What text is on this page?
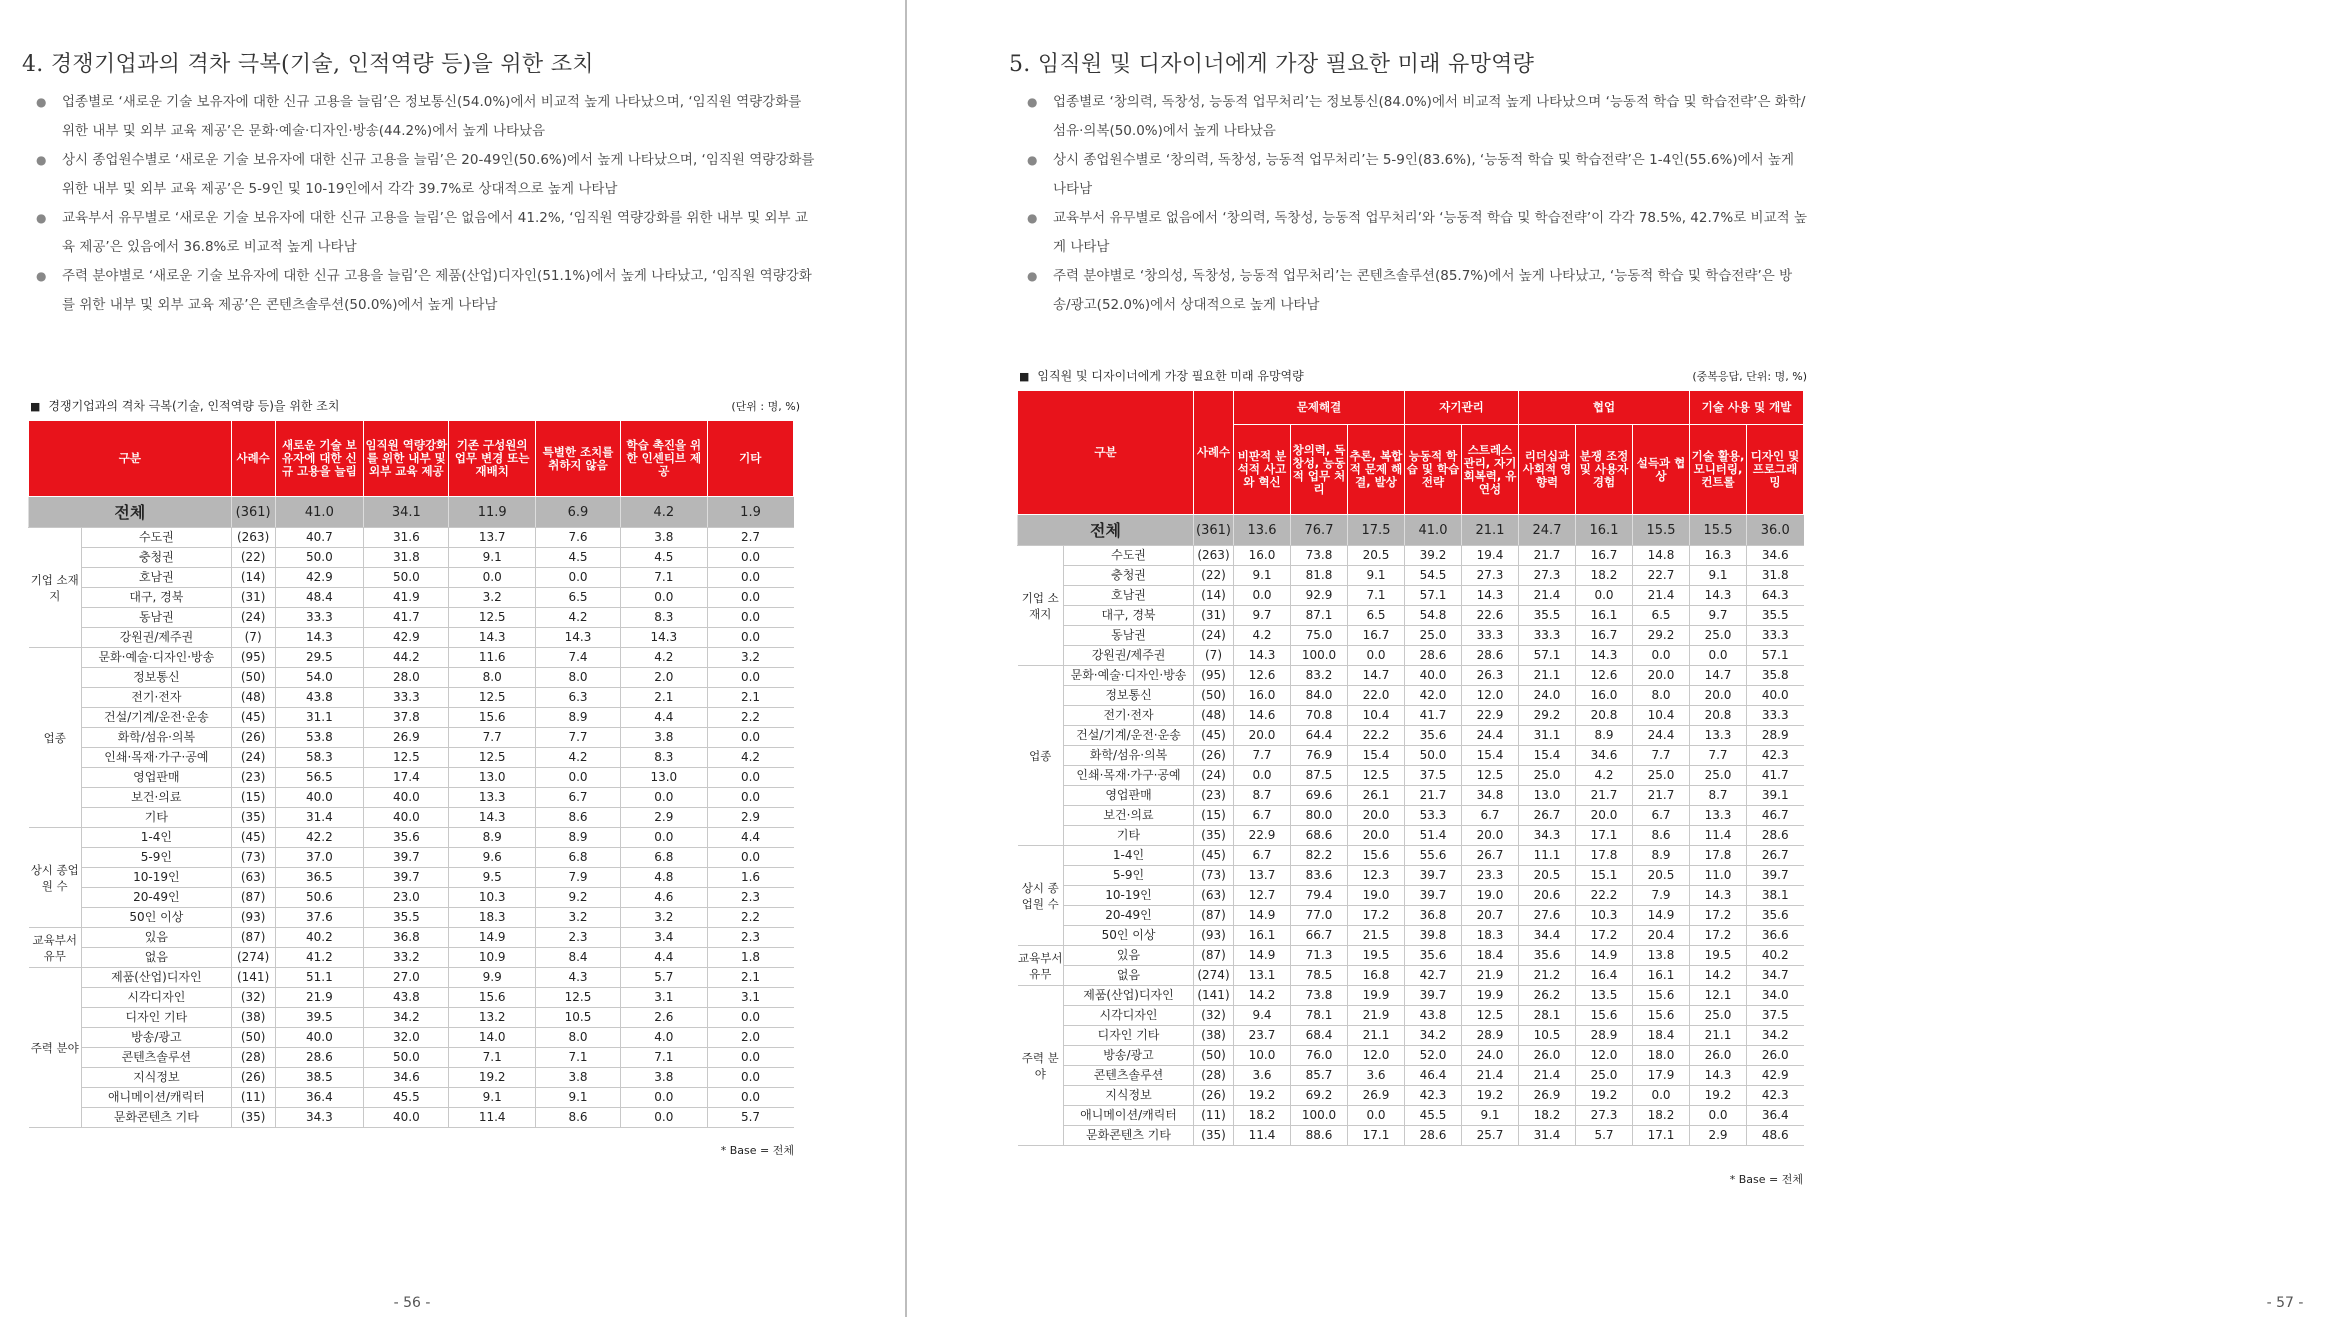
4. 경쟁기업과의 격차 극복(기술, 인적역량 등)을 위한 조치
● 업종별로 ‘새로운 기술 보유자에 대한 신규 고용을 늘림’은 정보통신(54.0%)에서 비교적 높게 나타났으며, ‘임직원 역량강화를 위한 내부 및 외부 교육 제공’은 문화·예술·디자인·방송(44.2%)에서 높게 나타났음
● 상시 종업원수별로 ‘새로운 기술 보유자에 대한 신규 고용을 늘림’은 20-49인(50.6%)에서 높게 나타났으며, ‘임직원 역량강화를 위한 내부 및 외부 교육 제공’은 5-9인 및 10-19인에서 각각 39.7%로 상대적으로 높게 나타남
● 교육부서 유무별로 ‘새로운 기술 보유자에 대한 신규 고용을 늘림’은 없음에서 41.2%, ‘임직원 역량강화를 위한 내부 및 외부 교육 제공’은 있음에서 36.8%로 비교적 높게 나타남
● 주력 분야별로 ‘새로운 기술 보유자에 대한 신규 고용을 늘림’은 제품(산업)디자인(51.1%)에서 높게 나타났고, ‘임직원 역량강화를 위한 내부 및 외부 교육 제공’은 콘텐츠솔루션(50.0%)에서 높게 나타남
■ 경쟁기업과의 격차 극복(기술, 인적역량 등)을 위한 조치	(단위 : 명, %)
구분		사례수	새로운 기술 보유자에 대한 신규 고용을 늘림	임직원 역량강화를 위한 내부 및 외부 교육 제공	기존 구성원의 업무 변경 또는 재배치	특별한 조치를 취하지 않음	학습 촉진을 위한 인센티브 제공	기타
전체		(361)	41.0	34.1	11.9	6.9	4.2	1.9
기업 소재지	수도권	(263)	40.7	31.6	13.7	7.6	3.8	2.7
	충청권	(22)	50.0	31.8	9.1	4.5	4.5	0.0
	호남권	(14)	42.9	50.0	0.0	0.0	7.1	0.0
	대구, 경북	(31)	48.4	41.9	3.2	6.5	0.0	0.0
	동남권	(24)	33.3	41.7	12.5	4.2	8.3	0.0
	강원권/제주권	(7)	14.3	42.9	14.3	14.3	14.3	0.0
업종	문화·예술·디자인·방송	(95)	29.5	44.2	11.6	7.4	4.2	3.2
	정보통신	(50)	54.0	28.0	8.0	8.0	2.0	0.0
	전기·전자	(48)	43.8	33.3	12.5	6.3	2.1	2.1
	건설/기계/운전·운송	(45)	31.1	37.8	15.6	8.9	4.4	2.2
	화학/섬유·의복	(26)	53.8	26.9	7.7	7.7	3.8	0.0
	인쇄·목재·가구·공예	(24)	58.3	12.5	12.5	4.2	8.3	4.2
	영업판매	(23)	56.5	17.4	13.0	0.0	13.0	0.0
	보건·의료	(15)	40.0	40.0	13.3	6.7	0.0	0.0
	기타	(35)	31.4	40.0	14.3	8.6	2.9	2.9
상시 종업원 수	1-4인	(45)	42.2	35.6	8.9	8.9	0.0	4.4
	5-9인	(73)	37.0	39.7	9.6	6.8	6.8	0.0
	10-19인	(63)	36.5	39.7	9.5	7.9	4.8	1.6
	20-49인	(87)	50.6	23.0	10.3	9.2	4.6	2.3
	50인 이상	(93)	37.6	35.5	18.3	3.2	3.2	2.2
교육부서 유무	있음	(87)	40.2	36.8	14.9	2.3	3.4	2.3
	없음	(274)	41.2	33.2	10.9	8.4	4.4	1.8
주력 분야	제품(산업)디자인	(141)	51.1	27.0	9.9	4.3	5.7	2.1
	시각디자인	(32)	21.9	43.8	15.6	12.5	3.1	3.1
	디자인 기타	(38)	39.5	34.2	13.2	10.5	2.6	0.0
	방송/광고	(50)	40.0	32.0	14.0	8.0	4.0	2.0
	콘텐츠솔루션	(28)	28.6	50.0	7.1	7.1	7.1	0.0
	지식정보	(26)	38.5	34.6	19.2	3.8	3.8	0.0
	애니메이션/캐릭터	(11)	36.4	45.5	9.1	9.1	0.0	0.0
	문화콘텐츠 기타	(35)	34.3	40.0	11.4	8.6	0.0	5.7
* Base = 전체
- 56 -
5. 임직원 및 디자이너에게 가장 필요한 미래 유망역량
● 업종별로 ‘창의력, 독창성, 능동적 업무처리’는 정보통신(84.0%)에서 비교적 높게 나타났으며 ‘능동적 학습 및 학습전략’은 화학/섬유·의복(50.0%)에서 높게 나타났음
● 상시 종업원수별로 ‘창의력, 독창성, 능동적 업무처리’는 5-9인(83.6%), ‘능동적 학습 및 학습전략’은 1-4인(55.6%)에서 높게 나타남
● 교육부서 유무별로 없음에서 ‘창의력, 독창성, 능동적 업무처리’와 ‘능동적 학습 및 학습전략’이 각각 78.5%, 42.7%로 비교적 높게 나타남
● 주력 분야별로 ‘창의성, 독창성, 능동적 업무처리’는 콘텐츠솔루션(85.7%)에서 높게 나타났고, ‘능동적 학습 및 학습전략’은 방송/광고(52.0%)에서 상대적으로 높게 나타남
■ 임직원 및 디자이너에게 가장 필요한 미래 유망역량	(중복응답, 단위: 명, %)
구분		사례수	문제해결			자기관리		협업			기술 사용 및 개발	
			비판적 분석적 사고와 혁신	창의력, 독창성, 능동적 업무 처리	추론, 복합적 문제 해결, 발상	능동적 학습 및 학습 전략	스트레스 관리, 자기 회복력, 유연성	리더십과 사회적 영향력	분쟁 조정 및 사용자 경험	설득과 협상	기술 활용, 모니터링, 컨트롤	디자인 및 프로그래밍
전체		(361)	13.6	76.7	17.5	41.0	21.1	24.7	16.1	15.5	15.5	36.0
기업 소재지	수도권	(263)	16.0	73.8	20.5	39.2	19.4	21.7	16.7	14.8	16.3	34.6
	충청권	(22)	9.1	81.8	9.1	54.5	27.3	27.3	18.2	22.7	9.1	31.8
	호남권	(14)	0.0	92.9	7.1	57.1	14.3	21.4	0.0	21.4	14.3	64.3
	대구, 경북	(31)	9.7	87.1	6.5	54.8	22.6	35.5	16.1	6.5	9.7	35.5
	동남권	(24)	4.2	75.0	16.7	25.0	33.3	33.3	16.7	29.2	25.0	33.3
	강원권/제주권	(7)	14.3	100.0	0.0	28.6	28.6	57.1	14.3	0.0	0.0	57.1
업종	문화·예술·디자인·방송	(95)	12.6	83.2	14.7	40.0	26.3	21.1	12.6	20.0	14.7	35.8
	정보통신	(50)	16.0	84.0	22.0	42.0	12.0	24.0	16.0	8.0	20.0	40.0
	전기·전자	(48)	14.6	70.8	10.4	41.7	22.9	29.2	20.8	10.4	20.8	33.3
	건설/기계/운전·운송	(45)	20.0	64.4	22.2	35.6	24.4	31.1	8.9	24.4	13.3	28.9
	화학/섬유·의복	(26)	7.7	76.9	15.4	50.0	15.4	15.4	34.6	7.7	7.7	42.3
	인쇄·목재·가구·공예	(24)	0.0	87.5	12.5	37.5	12.5	25.0	4.2	25.0	25.0	41.7
	영업판매	(23)	8.7	69.6	26.1	21.7	34.8	13.0	21.7	21.7	8.7	39.1
	보건·의료	(15)	6.7	80.0	20.0	53.3	6.7	26.7	20.0	6.7	13.3	46.7
	기타	(35)	22.9	68.6	20.0	51.4	20.0	34.3	17.1	8.6	11.4	28.6
상시 종업원 수	1-4인	(45)	6.7	82.2	15.6	55.6	26.7	11.1	17.8	8.9	17.8	26.7
	5-9인	(73)	13.7	83.6	12.3	39.7	23.3	20.5	15.1	20.5	11.0	39.7
	10-19인	(63)	12.7	79.4	19.0	39.7	19.0	20.6	22.2	7.9	14.3	38.1
	20-49인	(87)	14.9	77.0	17.2	36.8	20.7	27.6	10.3	14.9	17.2	35.6
	50인 이상	(93)	16.1	66.7	21.5	39.8	18.3	34.4	17.2	20.4	17.2	36.6
교육부서 유무	있음	(87)	14.9	71.3	19.5	35.6	18.4	35.6	14.9	13.8	19.5	40.2
	없음	(274)	13.1	78.5	16.8	42.7	21.9	21.2	16.4	16.1	14.2	34.7
주력 분야	제품(산업)디자인	(141)	14.2	73.8	19.9	39.7	19.9	26.2	13.5	15.6	12.1	34.0
	시각디자인	(32)	9.4	78.1	21.9	43.8	12.5	28.1	15.6	15.6	25.0	37.5
	디자인 기타	(38)	23.7	68.4	21.1	34.2	28.9	10.5	28.9	18.4	21.1	34.2
	방송/광고	(50)	10.0	76.0	12.0	52.0	24.0	26.0	12.0	18.0	26.0	26.0
	콘텐츠솔루션	(28)	3.6	85.7	3.6	46.4	21.4	21.4	25.0	17.9	14.3	42.9
	지식정보	(26)	19.2	69.2	26.9	42.3	19.2	26.9	19.2	0.0	19.2	42.3
	애니메이션/캐릭터	(11)	18.2	100.0	0.0	45.5	9.1	18.2	27.3	18.2	0.0	36.4
	문화콘텐츠 기타	(35)	11.4	88.6	17.1	28.6	25.7	31.4	5.7	17.1	2.9	48.6
* Base = 전체
- 57 -
